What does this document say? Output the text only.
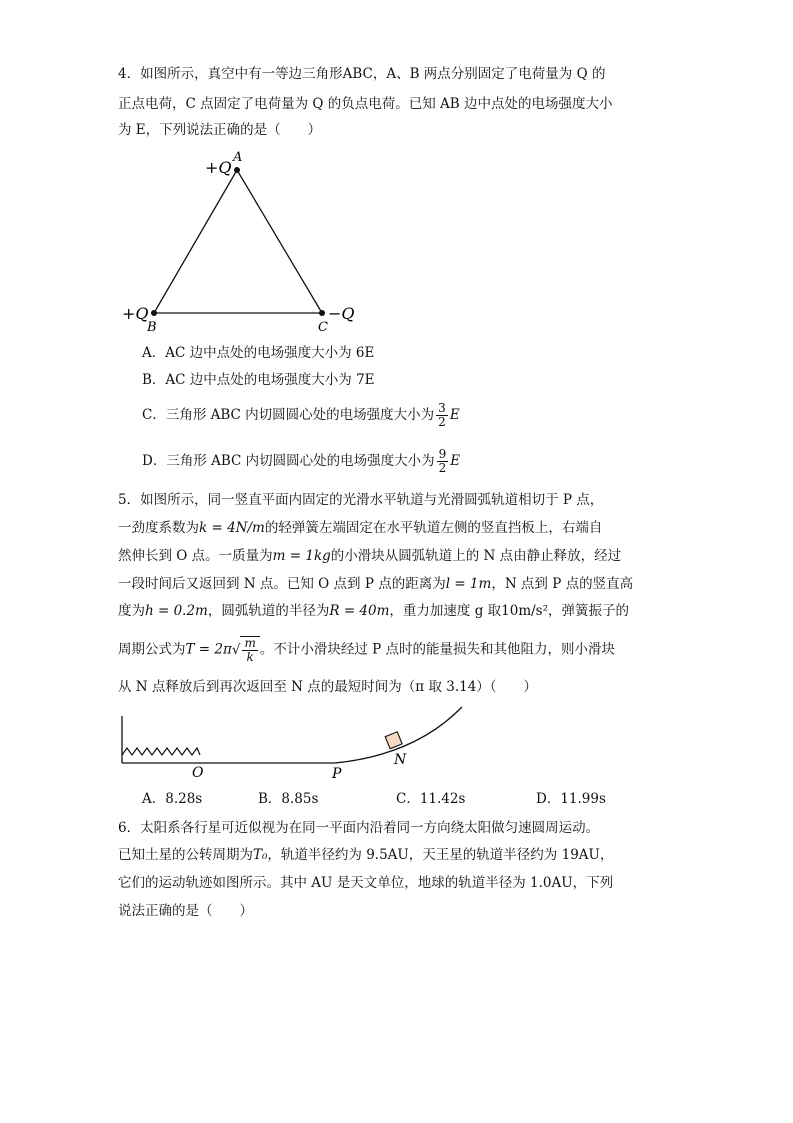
4．如图所示，真空中有一等边三角形ABC，A、B 两点分别固定了电荷量为 Q 的
正点电荷，C 点固定了电荷量为 Q 的负点电荷。已知 AB 边中点处的电场强度大小
为 E，下列说法正确的是（　　）
+Q
A
+Q
B
−Q
C
A．AC 边中点处的电场强度大小为 6E
B．AC 边中点处的电场强度大小为 7E
C．三角形 ABC 内切圆圆心处的电场强度大小为 $\frac{3}{2}$ E
D．三角形 ABC 内切圆圆心处的电场强度大小为 $\frac{9}{2}$ E
5．如图所示，同一竖直平面内固定的光滑水平轨道与光滑圆弧轨道相切于 P 点，
一劲度系数为k = 4N/m的轻弹簧左端固定在水平轨道左侧的竖直挡板上，右端自
然伸长到 O 点。一质量为m = 1kg的小滑块从圆弧轨道上的 N 点由静止释放，经过
一段时间后又返回到 N 点。已知 O 点到 P 点的距离为l = 1m，N 点到 P 点的竖直高
度为h = 0.2m，圆弧轨道的半径为R = 40m，重力加速度 g 取10m/s²，弹簧振子的
周期公式为$T = 2\pi√ \frac{m}{k}$ 。不计小滑块经过 P 点时的能量损失和其他阻力，则小滑块
从 N 点释放后到再次返回至 N 点的最短时间为（π 取 3.14）（　　）
O	P
N
A．8.28s	B．8.85s	C．11.42s	D．11.99s
6．太阳系各行星可近似视为在同一平面内沿着同一方向绕太阳做匀速圆周运动。
已知土星的公转周期为T₀，轨道半径约为 9.5AU，天王星的轨道半径约为 19AU，
它们的运动轨迹如图所示。其中 AU 是天文单位，地球的轨道半径为 1.0AU，下列
说法正确的是（　　）
